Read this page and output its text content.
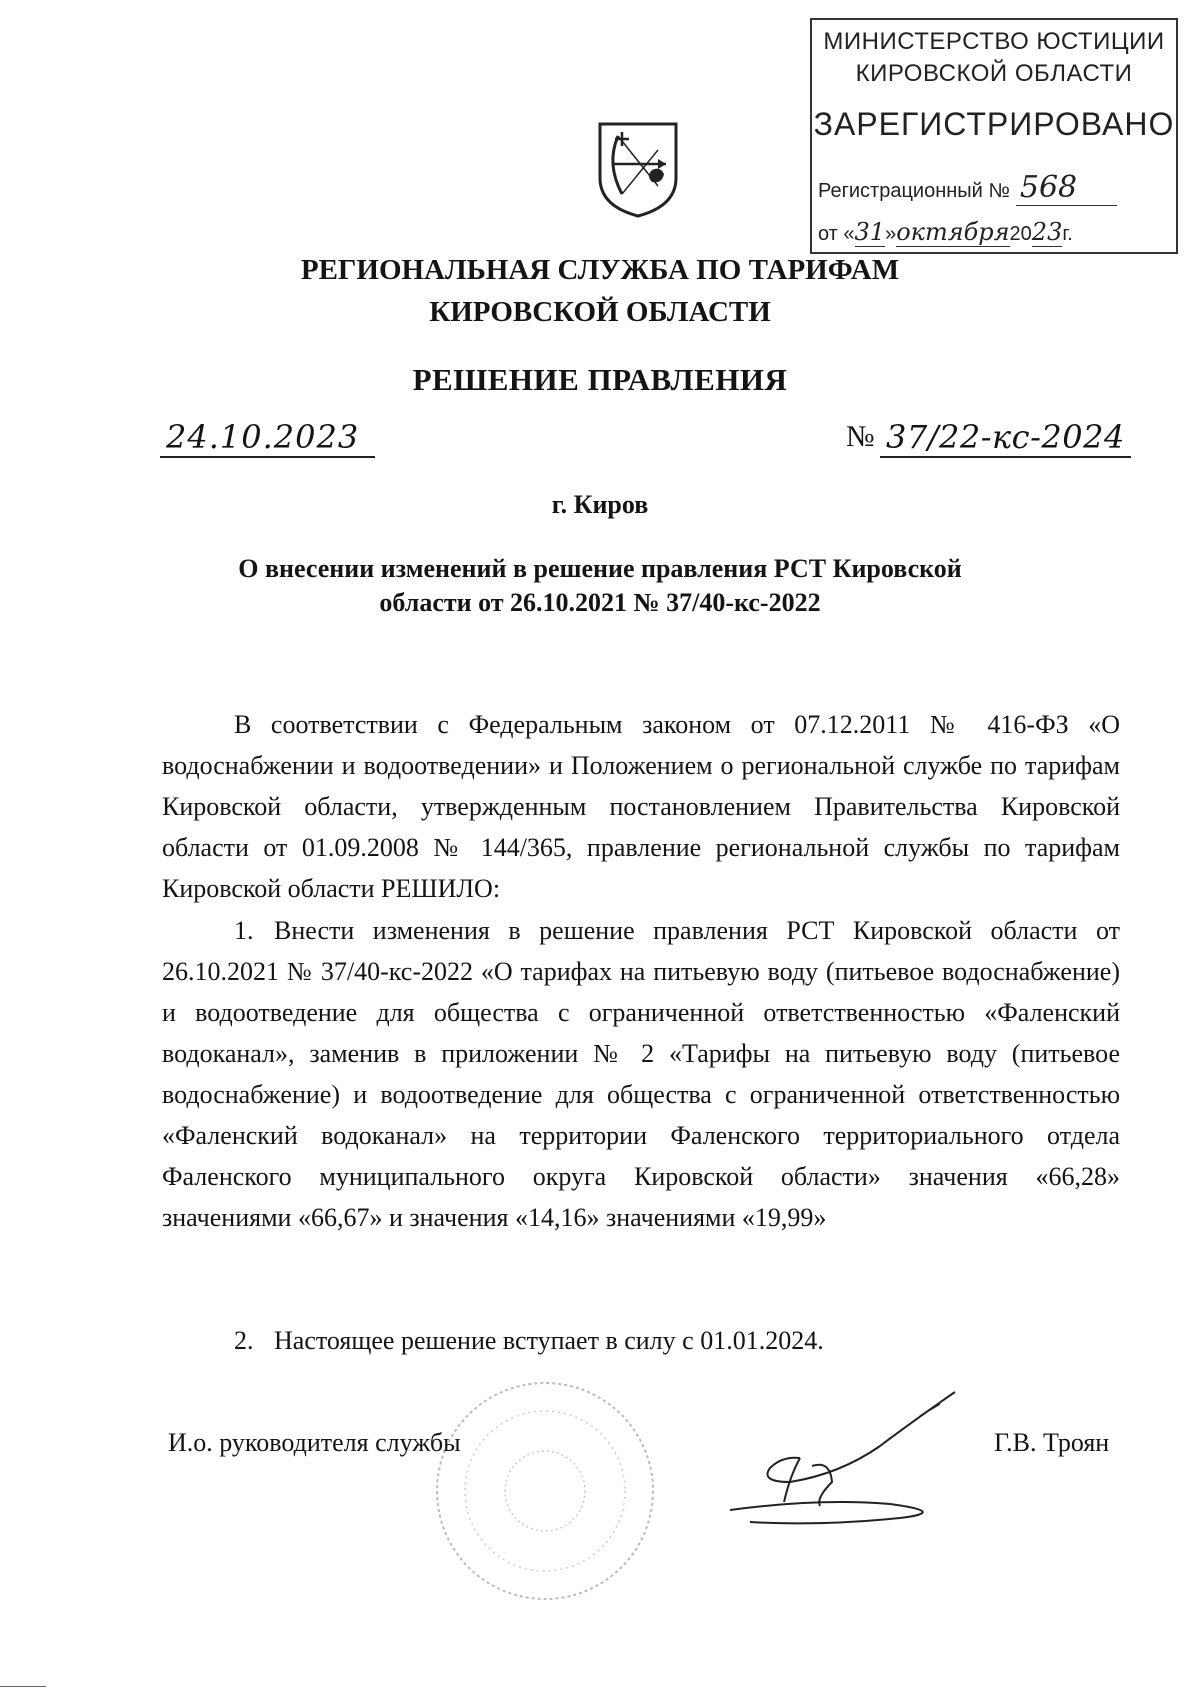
МИНИСТЕРСТВО ЮСТИЦИИ
КИРОВСКОЙ ОБЛАСТИ
ЗАРЕГИСТРИРОВАНО
Регистрационный № 568
от «31»октября2023г.
РЕГИОНАЛЬНАЯ СЛУЖБА ПО ТАРИФАМ
КИРОВСКОЙ ОБЛАСТИ
РЕШЕНИЕ ПРАВЛЕНИЯ
24.10.2023	№ 37/22-кс-2024
г. Киров
О внесении изменений в решение правления РСТ Кировской
области от 26.10.2021 № 37/40-кс-2022
В соответствии с Федеральным законом от 07.12.2011 № 416-ФЗ «О водоснабжении и водоотведении» и Положением о региональной службе по тарифам Кировской области, утвержденным постановлением Правительства Кировской области от 01.09.2008 № 144/365, правление региональной службы по тарифам Кировской области РЕШИЛО:
1. Внести изменения в решение правления РСТ Кировской области от 26.10.2021 № 37/40-кс-2022 «О тарифах на питьевую воду (питьевое водоснабжение) и водоотведение для общества с ограниченной ответственностью «Фаленский водоканал», заменив в приложении № 2 «Тарифы на питьевую воду (питьевое водоснабжение) и водоотведение для общества с ограниченной ответственностью «Фаленский водоканал» на территории Фаленского территориального отдела Фаленского муниципального округа Кировской области» значения «66,28» значениями «66,67» и значения «14,16» значениями «19,99»
2. Настоящее решение вступает в силу с 01.01.2024.
И.о. руководителя службы	Г.В. Троян
